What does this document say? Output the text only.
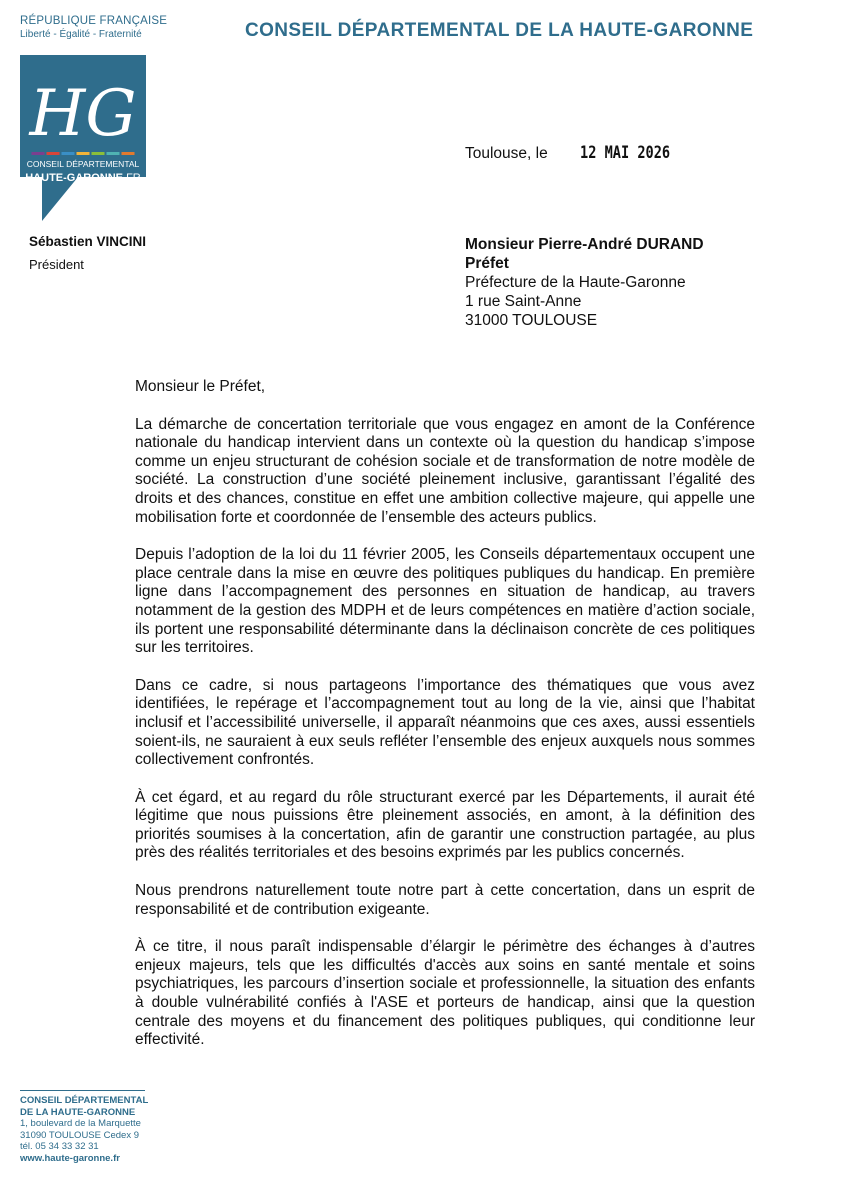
RÉPUBLIQUE FRANÇAISE
Liberté - Égalité - Fraternité
HG
CONSEIL DÉPARTEMENTAL
HAUTE-GARONNE.FR
CONSEIL DÉPARTEMENTAL DE LA HAUTE-GARONNE
Sébastien VINCINI
Président
Toulouse, le 12 MAI 2026
Monsieur Pierre-André DURAND
Préfet
Préfecture de la Haute-Garonne
1 rue Saint-Anne
31000 TOULOUSE

Monsieur le Préfet,

La démarche de concertation territoriale que vous engagez en amont de la Conférence nationale du handicap intervient dans un contexte où la question du handicap s’impose comme un enjeu structurant de cohésion sociale et de transformation de notre modèle de société. La construction d’une société pleinement inclusive, garantissant l’égalité des droits et des chances, constitue en effet une ambition collective majeure, qui appelle une mobilisation forte et coordonnée de l’ensemble des acteurs publics.

Depuis l’adoption de la loi du 11 février 2005, les Conseils départementaux occupent une place centrale dans la mise en œuvre des politiques publiques du handicap. En première ligne dans l’accompagnement des personnes en situation de handicap, au travers notamment de la gestion des MDPH et de leurs compétences en matière d’action sociale, ils portent une responsabilité déterminante dans la déclinaison concrète de ces politiques sur les territoires.

Dans ce cadre, si nous partageons l’importance des thématiques que vous avez identifiées, le repérage et l’accompagnement tout au long de la vie, ainsi que l’habitat inclusif et l’accessibilité universelle, il apparaît néanmoins que ces axes, aussi essentiels soient-ils, ne sauraient à eux seuls refléter l’ensemble des enjeux auxquels nous sommes collectivement confrontés.

À cet égard, et au regard du rôle structurant exercé par les Départements, il aurait été légitime que nous puissions être pleinement associés, en amont, à la définition des priorités soumises à la concertation, afin de garantir une construction partagée, au plus près des réalités territoriales et des besoins exprimés par les publics concernés.

Nous prendrons naturellement toute notre part à cette concertation, dans un esprit de responsabilité et de contribution exigeante.

À ce titre, il nous paraît indispensable d’élargir le périmètre des échanges à d’autres enjeux majeurs, tels que les difficultés d'accès aux soins en santé mentale et soins psychiatriques, les parcours d’insertion sociale et professionnelle, la situation des enfants à double vulnérabilité confiés à l'ASE et porteurs de handicap, ainsi que la question centrale des moyens et du financement des politiques publiques, qui conditionne leur effectivité.

CONSEIL DÉPARTEMENTAL
DE LA HAUTE-GARONNE
1, boulevard de la Marquette
31090 TOULOUSE Cedex 9
tél. 05 34 33 32 31
www.haute-garonne.fr
